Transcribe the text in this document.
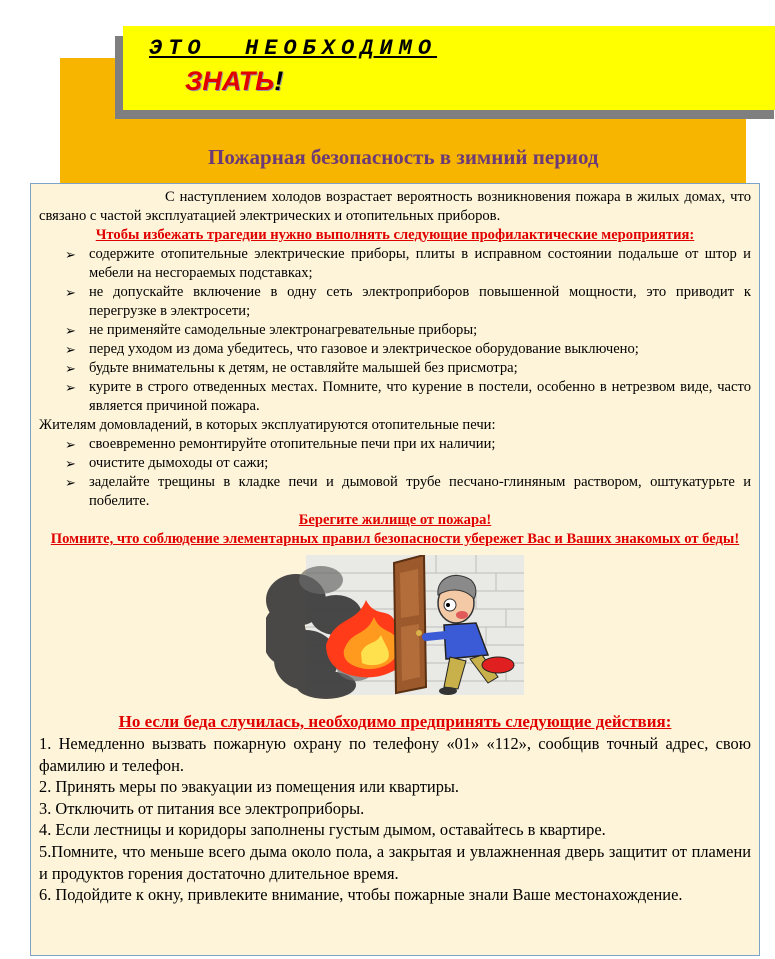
ЭТО  НЕОБХОДИМО
ЗНАТЬ!
Пожарная безопасность в зимний период

С наступлением холодов возрастает вероятность возникновения пожара в жилых домах, что связано с частой эксплуатацией электрических и отопительных приборов.

Чтобы избежать трагедии нужно выполнять следующие профилактические мероприятия:

➢ содержите отопительные электрические приборы, плиты в исправном состоянии подальше от штор и мебели на несгораемых подставках;
➢ не допускайте включение в одну сеть электроприборов повышенной мощности, это приводит к перегрузке в электросети;
➢ не применяйте самодельные электронагревательные приборы;
➢ перед уходом из дома убедитесь, что газовое и электрическое оборудование выключено;
➢ будьте внимательны к детям, не оставляйте малышей без присмотра;
➢ курите в строго отведенных местах. Помните, что курение в постели, особенно в нетрезвом виде, часто является причиной пожара.

Жителям домовладений, в которых эксплуатируются отопительные печи:

➢ своевременно ремонтируйте отопительные печи при их наличии;
➢ очистите дымоходы от сажи;
➢ заделайте трещины в кладке печи и дымовой трубе песчано-глиняным раствором, оштукатурьте и побелите.

Берегите жилище от пожара!

Помните, что соблюдение элементарных правил безопасности убережет Вас и Ваших знакомых от беды!

Но если беда случилась, необходимо предпринять следующие действия:

1. Немедленно вызвать пожарную охрану по телефону «01» «112», сообщив точный адрес, свою фамилию и телефон.

2. Принять меры по эвакуации из помещения или квартиры.

3. Отключить от питания все электроприборы.

4. Если лестницы и коридоры заполнены густым дымом, оставайтесь в квартире.

5.Помните, что меньше всего дыма около пола, а закрытая и увлажненная дверь защитит от пламени и продуктов горения достаточно длительное время.

6. Подойдите к окну, привлеките внимание, чтобы пожарные знали Ваше местонахождение.
